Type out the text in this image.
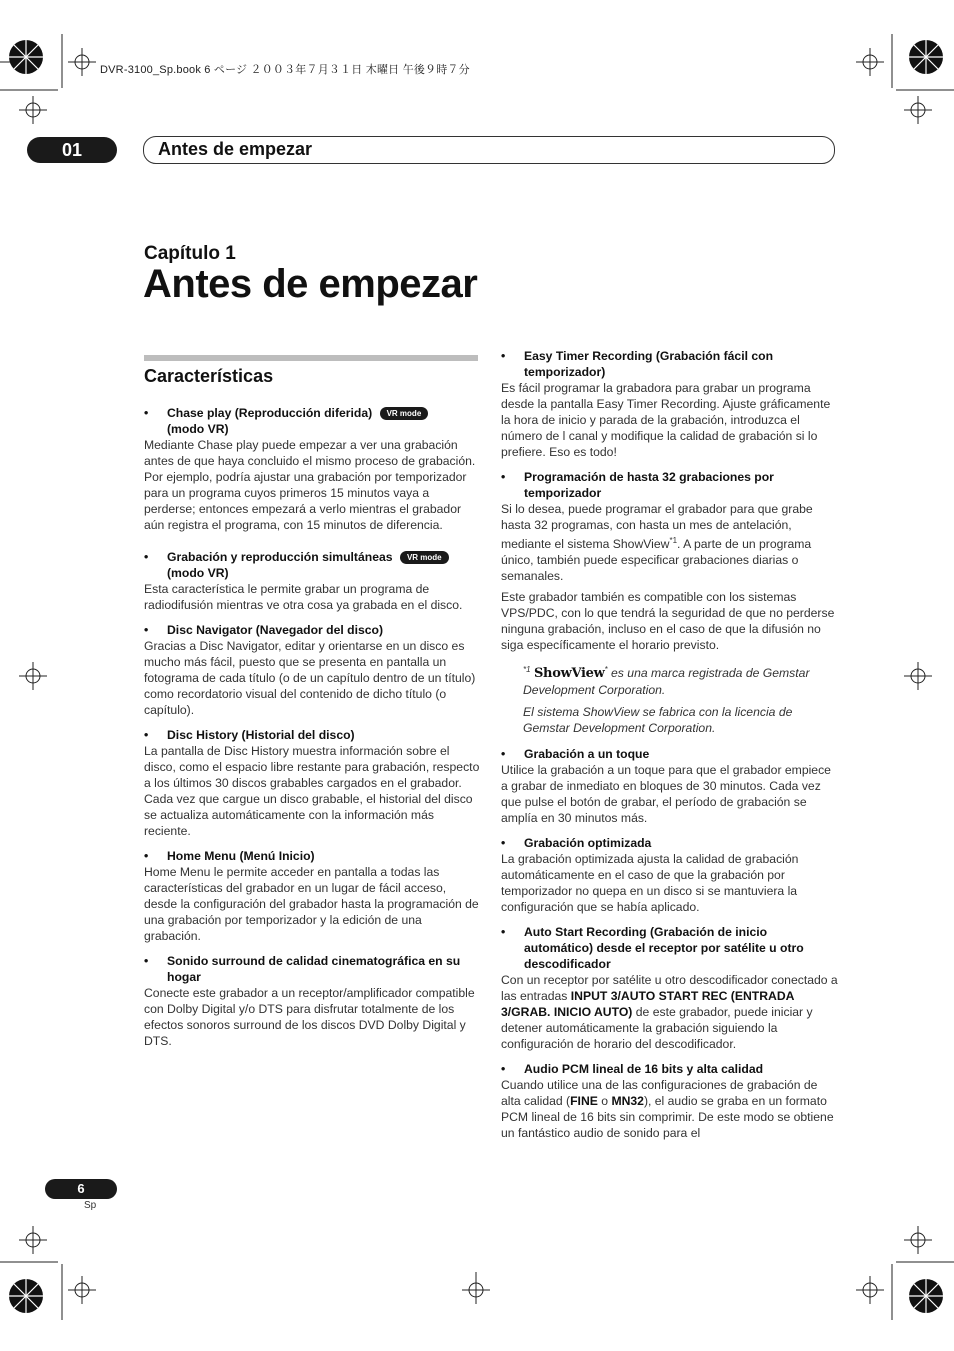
DVR-3100_Sp.book 6 ページ ２００３年７月３１日 木曜日 午後９時７分
01	Antes de empezar
Capítulo 1
Antes de empezar
Características
• Chase play (Reproducción diferida) VR mode
(modo VR)

Mediante Chase play puede empezar a ver una grabación antes de que haya concluido el mismo proceso de grabación. Por ejemplo, podría ajustar una grabación por temporizador para un programa cuyos primeros 15 minutos vaya a perderse; entonces empezará a verlo mientras el grabador aún registra el programa, con 15 minutos de diferencia.

• Grabación y reproducción simultáneas VR mode
(modo VR)

Esta característica le permite grabar un programa de radiodifusión mientras ve otra cosa ya grabada en el disco.

• Disc Navigator (Navegador del disco)

Gracias a Disc Navigator, editar y orientarse en un disco es mucho más fácil, puesto que se presenta en pantalla un fotograma de cada título (o de un capítulo dentro de un título) como recordatorio visual del contenido de dicho título (o capítulo).

• Disc History (Historial del disco)

La pantalla de Disc History muestra información sobre el disco, como el espacio libre restante para grabación, respecto a los últimos 30 discos grabables cargados en el grabador. Cada vez que cargue un disco grabable, el historial del disco se actualiza automáticamente con la información más reciente.

• Home Menu (Menú Inicio)

Home Menu le permite acceder en pantalla a todas las características del grabador en un lugar de fácil acceso, desde la configuración del grabador hasta la programación de una grabación por temporizador y la edición de una grabación.

• Sonido surround de calidad cinematográfica en su hogar

Conecte este grabador a un receptor/amplificador compatible con Dolby Digital y/o DTS para disfrutar totalmente de los efectos sonoros surround de los discos DVD Dolby Digital y DTS.

• Easy Timer Recording (Grabación fácil con temporizador)

Es fácil programar la grabadora para grabar un programa desde la pantalla Easy Timer Recording. Ajuste gráficamente la hora de inicio y parada de la grabación, introduzca el número de l canal y modifique la calidad de grabación si lo prefiere. Eso es todo!

• Programación de hasta 32 grabaciones por temporizador

Si lo desea, puede programar el grabador para que grabe hasta 32 programas, con hasta un mes de antelación, mediante el sistema ShowView$^{*1}$. A parte de un programa único, también puede especificar grabaciones diarias o semanales.

Este grabador también es compatible con los sistemas VPS/PDC, con lo que tendrá la seguridad de que no perderse ninguna grabación, incluso en el caso de que la difusión no siga específicamente el horario previsto.

$^{*1}$ ShowView* es una marca registrada de Gemstar Development Corporation.

El sistema ShowView se fabrica con la licencia de Gemstar Development Corporation.

• Grabación a un toque

Utilice la grabación a un toque para que el grabador empiece a grabar de inmediato en bloques de 30 minutos. Cada vez que pulse el botón de grabar, el período de grabación se amplía en 30 minutos más.

• Grabación optimizada

La grabación optimizada ajusta la calidad de grabación automáticamente en el caso de que la grabación por temporizador no quepa en un disco si se mantuviera la configuración que se había aplicado.

• Auto Start Recording (Grabación de inicio automático) desde el receptor por satélite u otro descodificador

Con un receptor por satélite u otro descodificador conectado a las entradas INPUT 3/AUTO START REC (ENTRADA 3/GRAB. INICIO AUTO) de este grabador, puede iniciar y detener automáticamente la grabación siguiendo la configuración de horario del descodificador.

• Audio PCM lineal de 16 bits y alta calidad

Cuando utilice una de las configuraciones de grabación de alta calidad (FINE o MN32), el audio se graba en un formato PCM lineal de 16 bits sin comprimir. De este modo se obtiene un fantástico audio de sonido para el

6
Sp
